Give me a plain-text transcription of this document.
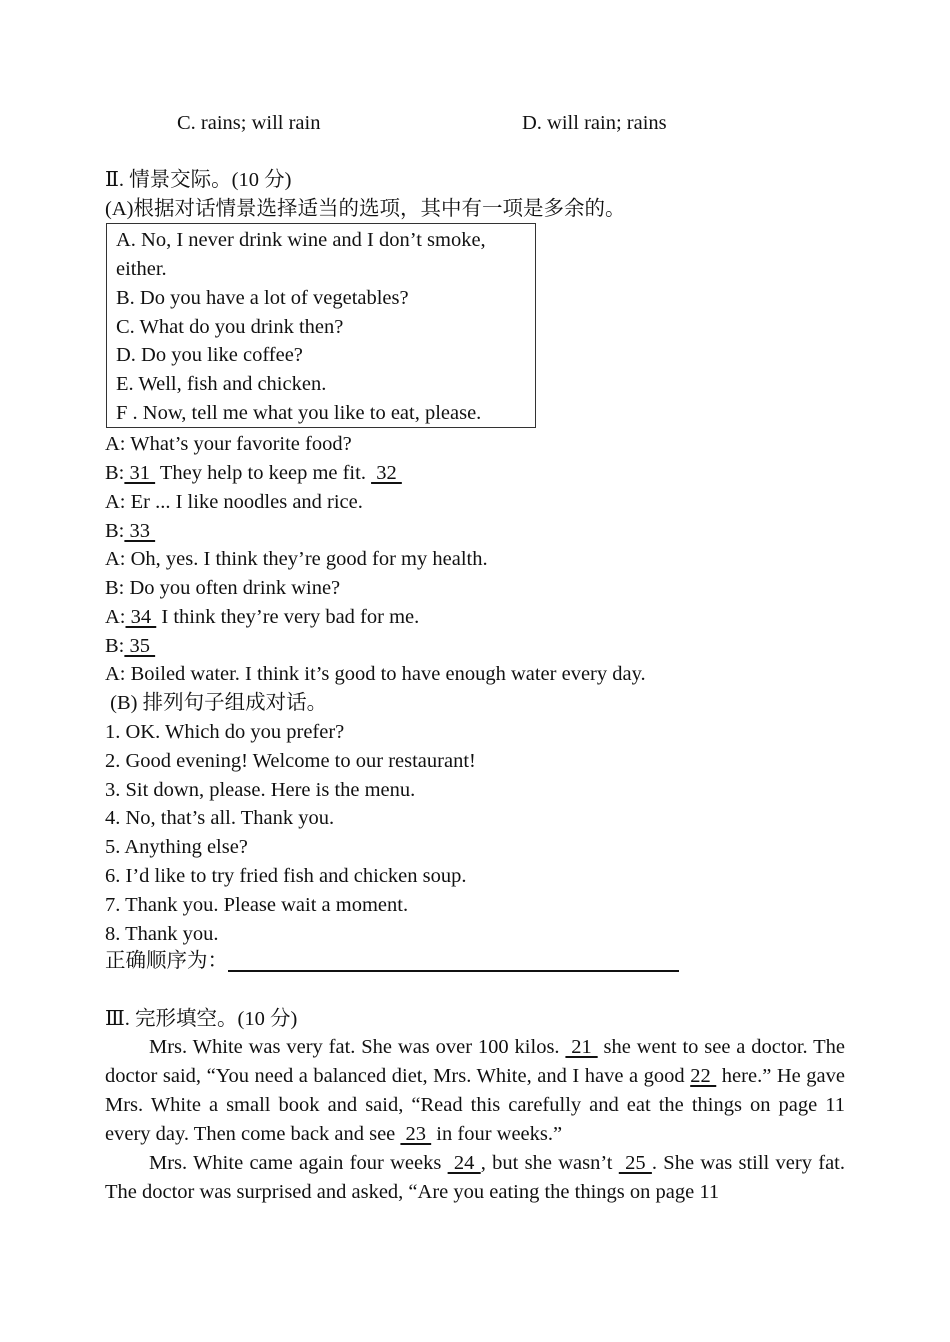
C. rains; will rain	D. will rain; rains
Ⅱ. 情景交际。(10 分)
(A)根据对话情景选择适当的选项，其中有一项是多余的。
A. No, I never drink wine and I don’t smoke,
either.
B. Do you have a lot of vegetables?
C. What do you drink then?
D. Do you like coffee?
E. Well, fish and chicken.
F . Now, tell me what you like to eat, please.
A: What’s your favorite food?
B: 31  They help to keep me fit.  32
A: Er ... I like noodles and rice.
B: 33
A: Oh, yes. I think they’re good for my health.
B: Do you often drink wine?
A: 34  I think they’re very bad for me.
B: 35
A: Boiled water. I think it’s good to have enough water every day.
(B) 排列句子组成对话。
1. OK. Which do you prefer?
2. Good evening! Welcome to our restaurant!
3. Sit down, please. Here is the menu.
4. No, that’s all. Thank you.
5. Anything else?
6. I’d like to try fried fish and chicken soup.
7. Thank you. Please wait a moment.
8. Thank you.
正确顺序为：
Ⅲ. 完形填空。(10 分)

Mrs. White was very fat. She was over 100 kilos.  21  she went to see a doctor. The doctor said, “You need a balanced diet, Mrs. White, and I have a good 22  here.” He gave Mrs. White a small book and said, “Read this carefully and eat the things on page 11 every day. Then come back and see  23  in four weeks.”

Mrs. White came again four weeks  24 , but she wasn’t  25 . She was still very fat. The doctor was surprised and asked, “Are you eating the things on page 11
